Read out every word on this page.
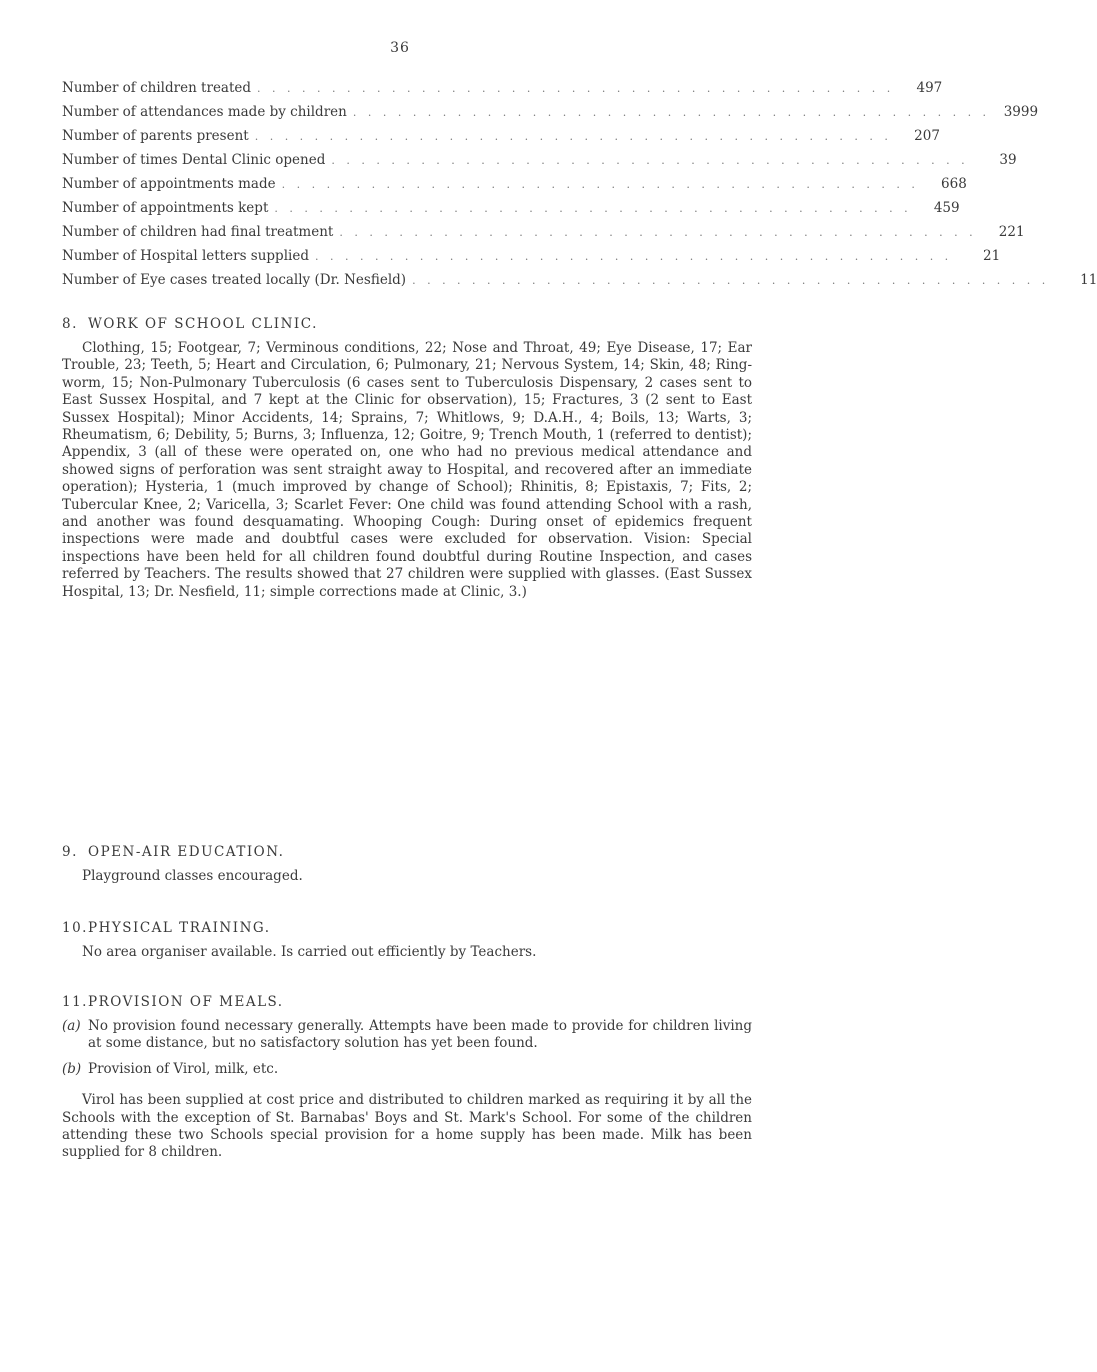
36
Number of children treated . . . . . . . . . . . . . . . . . . . . . . . . . . . . . . . . . . . . . . . . . . .	497
Number of attendances made by children . . . . . . . . . . . . . . . . . . . . . . . . . . . . . . . . . . . . . . . . . . .	3999
Number of parents present . . . . . . . . . . . . . . . . . . . . . . . . . . . . . . . . . . . . . . . . . . .	207
Number of times Dental Clinic opened . . . . . . . . . . . . . . . . . . . . . . . . . . . . . . . . . . . . . . . . . . .	39
Number of appointments made . . . . . . . . . . . . . . . . . . . . . . . . . . . . . . . . . . . . . . . . . . .	668
Number of appointments kept . . . . . . . . . . . . . . . . . . . . . . . . . . . . . . . . . . . . . . . . . . .	459
Number of children had final treatment . . . . . . . . . . . . . . . . . . . . . . . . . . . . . . . . . . . . . . . . . . .	221
Number of Hospital letters supplied . . . . . . . . . . . . . . . . . . . . . . . . . . . . . . . . . . . . . . . . . . .	21
Number of Eye cases treated locally (Dr. Nesfield) . . . . . . . . . . . . . . . . . . . . . . . . . . . . . . . . . . . . . . . . . . .	11
8. WORK OF SCHOOL CLINIC.

Clothing, 15; Footgear, 7; Verminous conditions, 22; Nose and Throat, 49; Eye Disease, 17; Ear Trouble, 23; Teeth, 5; Heart and Circulation, 6; Pulmonary, 21; Nervous System, 14; Skin, 48; Ring-worm, 15; Non-Pulmonary Tuberculosis (6 cases sent to Tuberculosis Dispensary, 2 cases sent to East Sussex Hospital, and 7 kept at the Clinic for observation), 15; Fractures, 3 (2 sent to East Sussex Hospital); Minor Accidents, 14; Sprains, 7; Whitlows, 9; D.A.H., 4; Boils, 13; Warts, 3; Rheumatism, 6; Debility, 5; Burns, 3; Influenza, 12; Goitre, 9; Trench Mouth, 1 (referred to dentist); Appendix, 3 (all of these were operated on, one who had no previous medical attendance and showed signs of perforation was sent straight away to Hospital, and recovered after an immediate operation); Hysteria, 1 (much improved by change of School); Rhinitis, 8; Epistaxis, 7; Fits, 2; Tubercular Knee, 2; Varicella, 3; Scarlet Fever: One child was found attending School with a rash, and another was found desquamating. Whooping Cough: During onset of epidemics frequent inspections were made and doubtful cases were excluded for observation. Vision: Special inspections have been held for all children found doubtful during Routine Inspection, and cases referred by Teachers. The results showed that 27 children were supplied with glasses. (East Sussex Hospital, 13; Dr. Nesfield, 11; simple corrections made at Clinic, 3.)

9. OPEN-AIR EDUCATION.

Playground classes encouraged.

10.PHYSICAL TRAINING.

No area organiser available. Is carried out efficiently by Teachers.

11.PROVISION OF MEALS.
(a) No provision found necessary generally. Attempts have been made to provide for children living at some distance, but no satisfactory solution has yet been found.
(b) Provision of Virol, milk, etc.

Virol has been supplied at cost price and distributed to children marked as requiring it by all the Schools with the exception of St. Barnabas' Boys and St. Mark's School. For some of the children attending these two Schools special provision for a home supply has been made. Milk has been supplied for 8 children.
